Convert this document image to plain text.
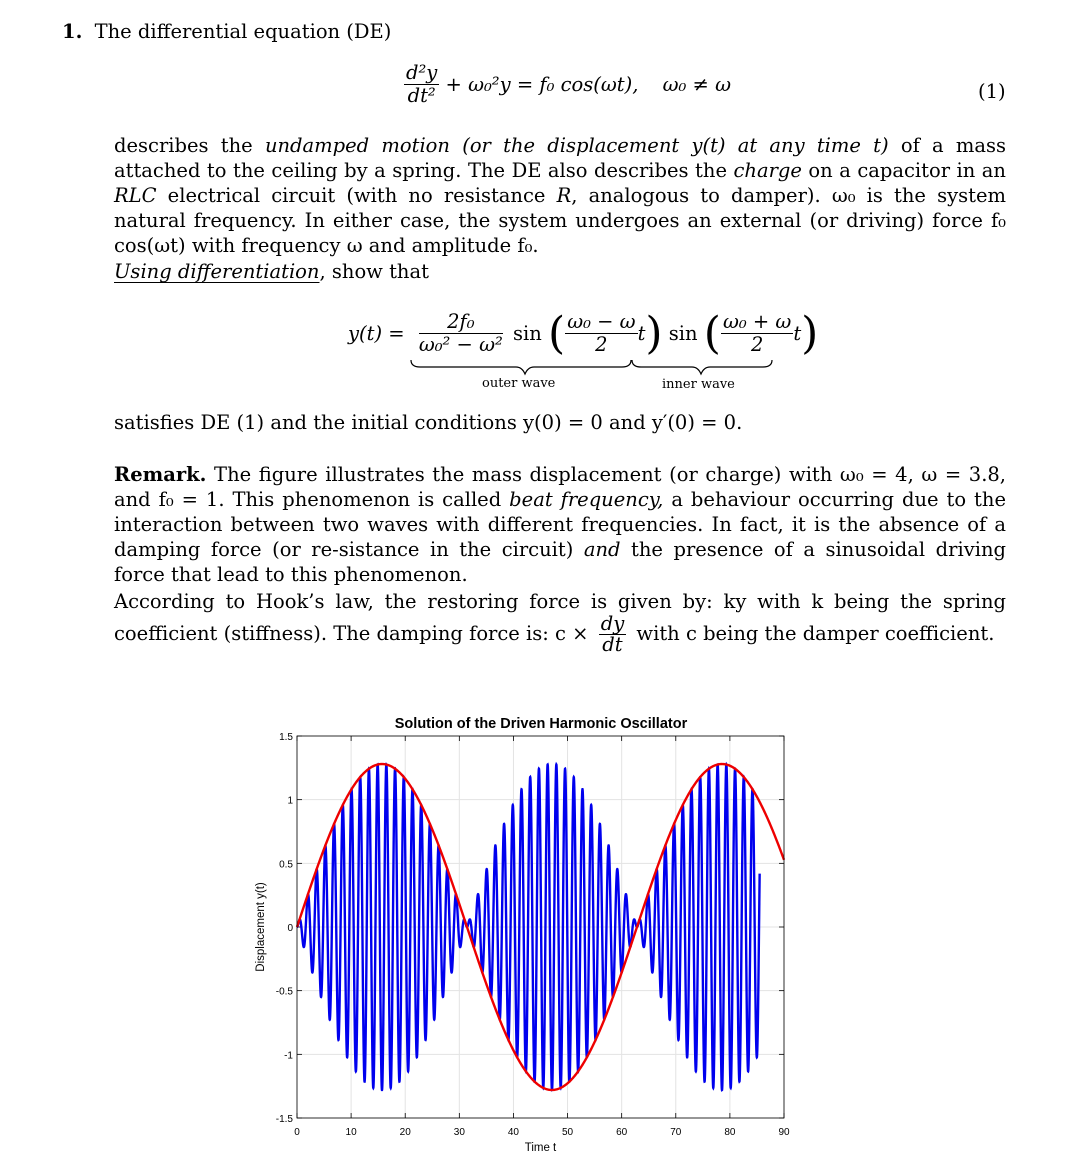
1. The differential equation (DE)
$\frac{\text{d²y}}{\text{dt²}} + \omega_0^2y = f_0$ cos(ωt), ω₀ ≠ ω	(1)
describes the undamped motion (or the displacement y(t) at any time t) of a mass attached to the ceiling by a spring. The DE also describes the charge on a capacitor in an RLC electrical circuit (with no resistance R, analogous to damper). ω₀ is the system natural frequency. In either case, the system undergoes an external (or driving) force f₀ cos(ωt) with frequency ω and amplitude f₀.
Using differentiation, show that
$y(t) = \frac{\text{2f₀}}{\text{ω₀² − ω²}}$ sin ( $\frac{\text{ω₀ − ω}}{2} t$) sin ( $\frac{\text{ω₀ + ω}}{2} t$)
outer wave	inner wave
satisfies DE (1) and the initial conditions y(0) = 0 and y′(0) = 0.
Remark. The figure illustrates the mass displacement (or charge) with ω₀ = 4, ω = 3.8, and f₀ = 1. This phenomenon is called beat frequency, a behaviour occurring due to the interaction between two waves with different frequencies. In fact, it is the absence of a damping force (or re-sistance in the circuit) and the presence of a sinusoidal driving force that lead to this phenomenon.
According to Hook’s law, the restoring force is given by: ky with k being the spring coefficient (stiffness). The damping force is: $c \times \frac{dy}{dt}$ with c being the damper coefficient.
Solution of the Driven Harmonic Oscillator
0	10	20	30	40	50	60	70	80	90
1.5
1
0.5
0
-0.5
-1
-1.5
Time t
Displacement y(t)
